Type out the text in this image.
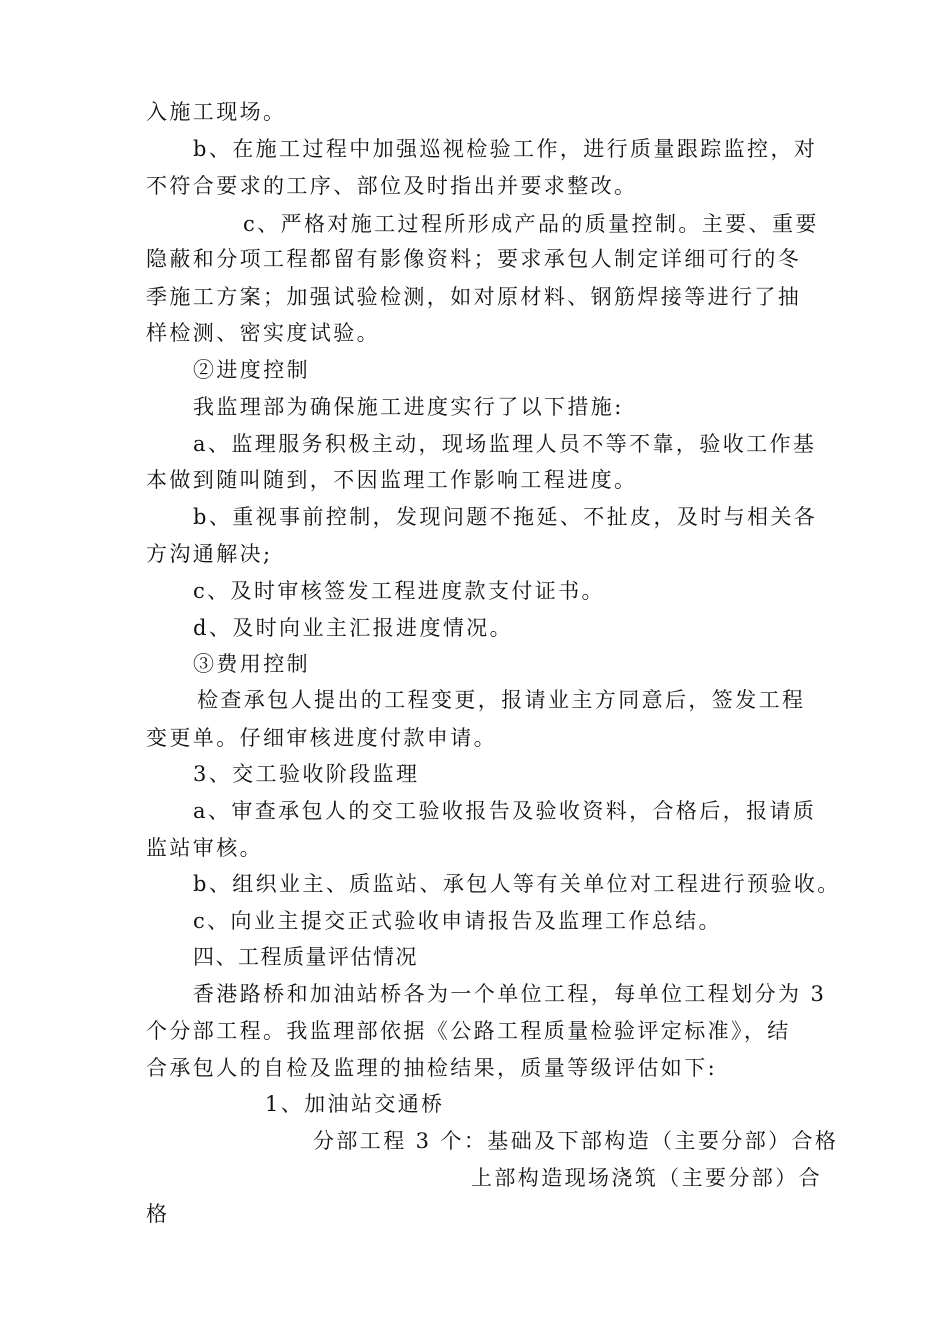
入施工现场。
b、在施工过程中加强巡视检验工作，进行质量跟踪监控，对
不符合要求的工序、部位及时指出并要求整改。
c、严格对施工过程所形成产品的质量控制。主要、重要
隐蔽和分项工程都留有影像资料；要求承包人制定详细可行的冬
季施工方案；加强试验检测，如对原材料、钢筋焊接等进行了抽
样检测、密实度试验。
②进度控制
我监理部为确保施工进度实行了以下措施:
a、监理服务积极主动，现场监理人员不等不靠，验收工作基
本做到随叫随到，不因监理工作影响工程进度。
b、重视事前控制，发现问题不拖延、不扯皮，及时与相关各
方沟通解决;
c、及时审核签发工程进度款支付证书。
d、及时向业主汇报进度情况。
③费用控制
检查承包人提出的工程变更，报请业主方同意后，签发工程
变更单。仔细审核进度付款申请。
3、交工验收阶段监理
a、审查承包人的交工验收报告及验收资料，合格后，报请质
监站审核。
b、组织业主、质监站、承包人等有关单位对工程进行预验收。
c、向业主提交正式验收申请报告及监理工作总结。
四、工程质量评估情况
香港路桥和加油站桥各为一个单位工程，每单位工程划分为 3
个分部工程。我监理部依据《公路工程质量检验评定标准》，结
合承包人的自检及监理的抽检结果，质量等级评估如下:
1、加油站交通桥
分部工程 3 个：基础及下部构造（主要分部）合格
上部构造现场浇筑（主要分部）合
格
